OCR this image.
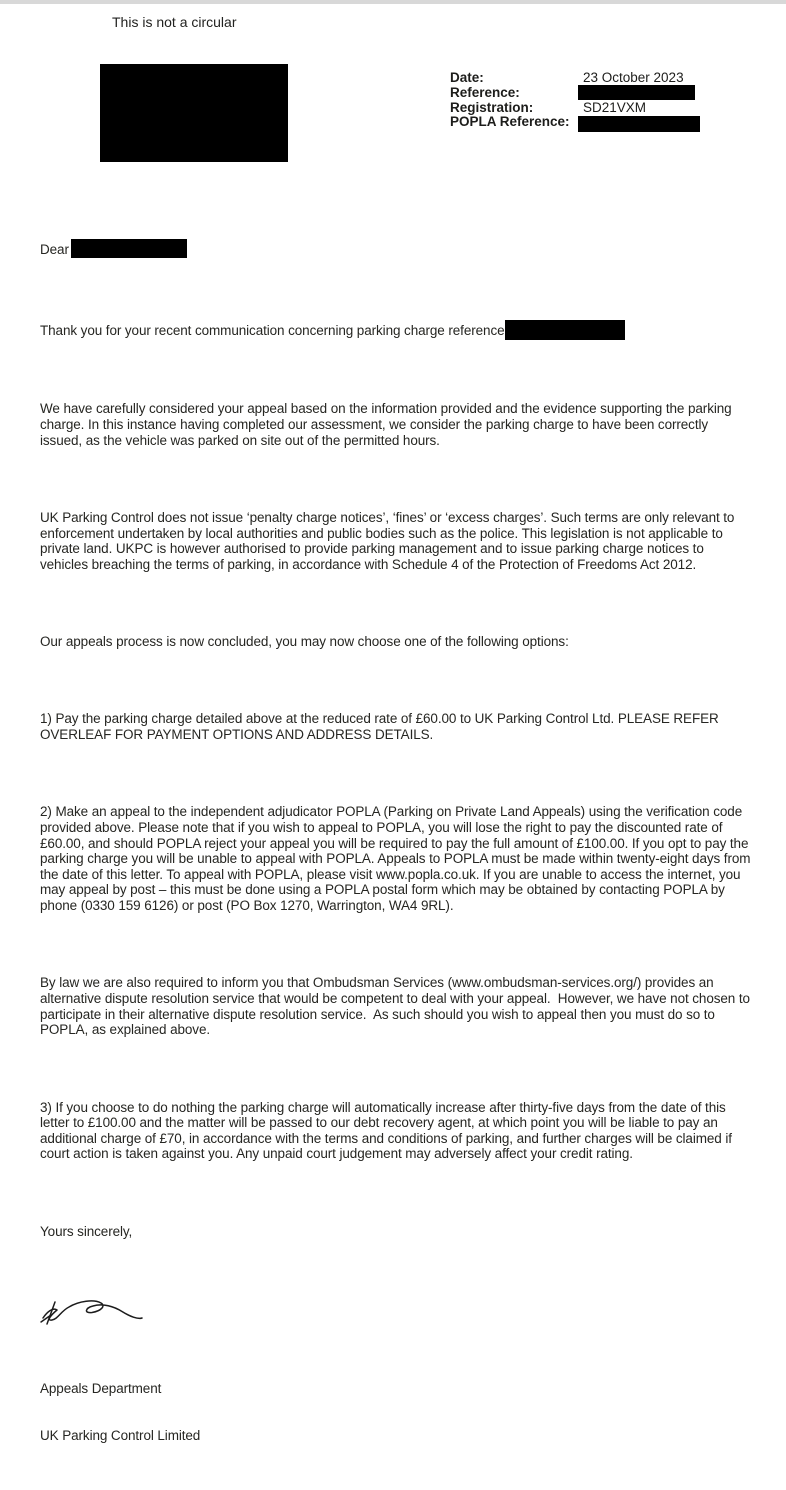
This is not a circular
Date:	23 October 2023
Reference:
Registration:	SD21VXM
POPLA Reference:

Dear

Thank you for your recent communication concerning parking charge reference

We have carefully considered your appeal based on the information provided and the evidence supporting the parking charge. In this instance having completed our assessment, we consider the parking charge to have been correctly issued, as the vehicle was parked on site out of the permitted hours.

UK Parking Control does not issue ‘penalty charge notices’, ‘fines’ or ‘excess charges’. Such terms are only relevant to enforcement undertaken by local authorities and public bodies such as the police. This legislation is not applicable to private land. UKPC is however authorised to provide parking management and to issue parking charge notices to vehicles breaching the terms of parking, in accordance with Schedule 4 of the Protection of Freedoms Act 2012.

Our appeals process is now concluded, you may now choose one of the following options:

1) Pay the parking charge detailed above at the reduced rate of £60.00 to UK Parking Control Ltd. PLEASE REFER OVERLEAF FOR PAYMENT OPTIONS AND ADDRESS DETAILS.

2) Make an appeal to the independent adjudicator POPLA (Parking on Private Land Appeals) using the verification code provided above. Please note that if you wish to appeal to POPLA, you will lose the right to pay the discounted rate of £60.00, and should POPLA reject your appeal you will be required to pay the full amount of £100.00. If you opt to pay the parking charge you will be unable to appeal with POPLA. Appeals to POPLA must be made within twenty-eight days from the date of this letter. To appeal with POPLA, please visit www.popla.co.uk. If you are unable to access the internet, you may appeal by post – this must be done using a POPLA postal form which may be obtained by contacting POPLA by phone (0330 159 6126) or post (PO Box 1270, Warrington, WA4 9RL).

By law we are also required to inform you that Ombudsman Services (www.ombudsman-services.org/) provides an alternative dispute resolution service that would be competent to deal with your appeal.  However, we have not chosen to participate in their alternative dispute resolution service.  As such should you wish to appeal then you must do so to POPLA, as explained above.

3) If you choose to do nothing the parking charge will automatically increase after thirty-five days from the date of this letter to £100.00 and the matter will be passed to our debt recovery agent, at which point you will be liable to pay an additional charge of £70, in accordance with the terms and conditions of parking, and further charges will be claimed if court action is taken against you. Any unpaid court judgement may adversely affect your credit rating.

Yours sincerely,

Appeals Department

UK Parking Control Limited
